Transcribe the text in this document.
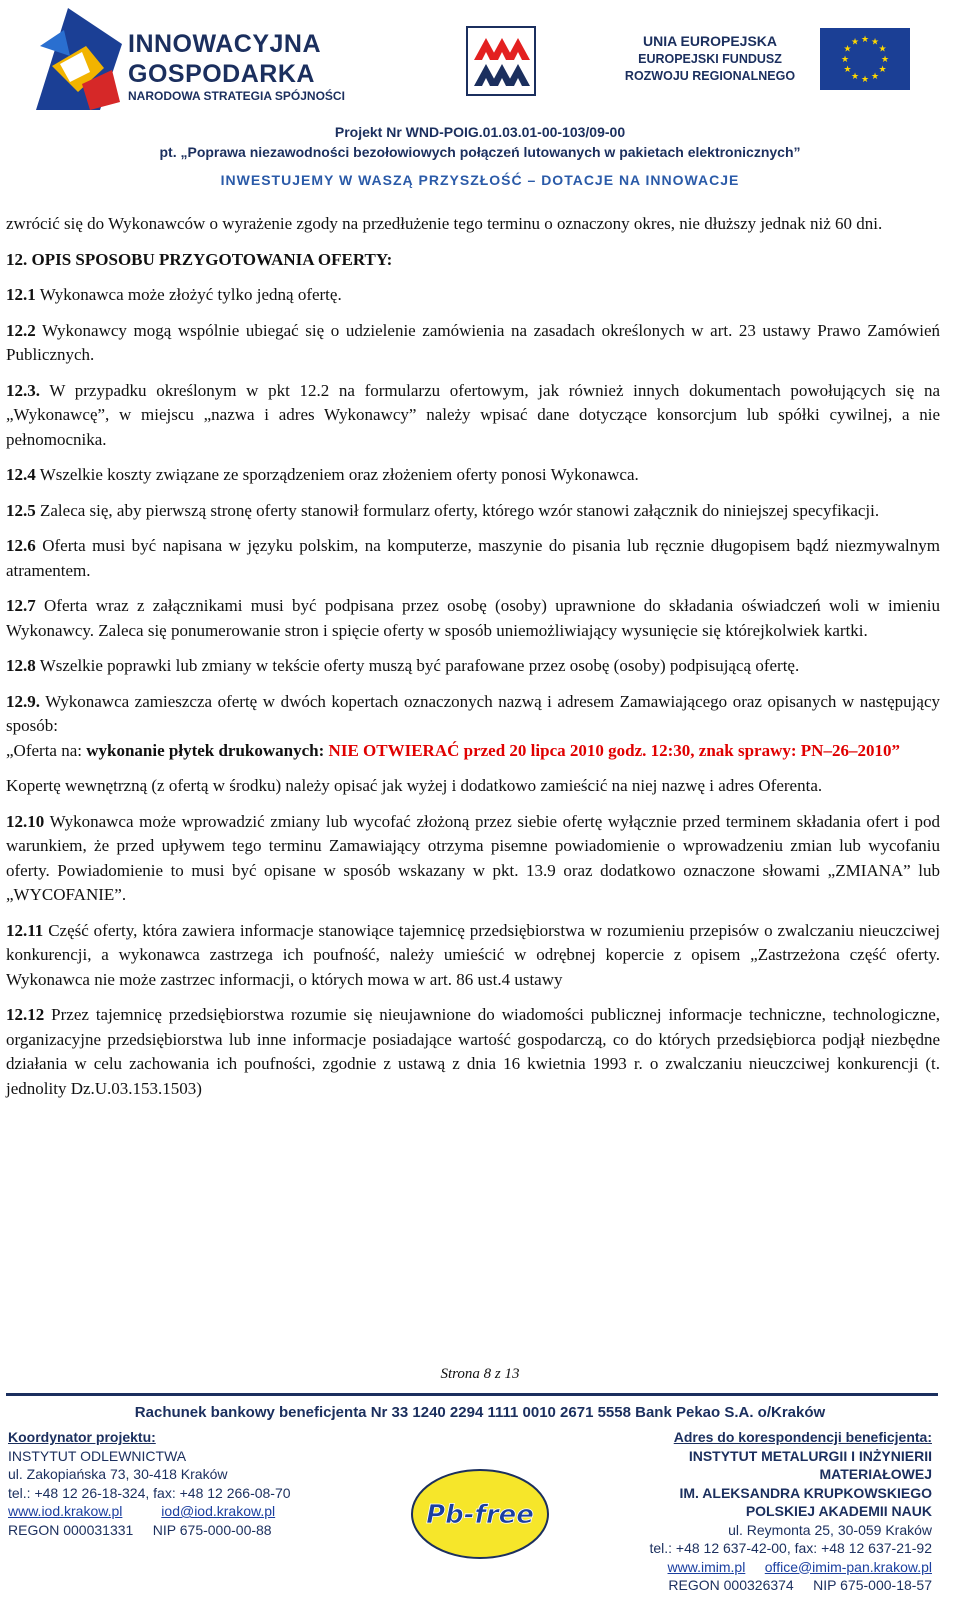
INNOWACYJNA
GOSPODARKA
NARODOWA STRATEGIA SPÓJNOŚCI
UNIA EUROPEJSKA
EUROPEJSKI FUNDUSZ
ROZWOJU REGIONALNEGO
★ ★
★
★
★
★
★
★
★
★
★
★
Projekt Nr WND-POIG.01.03.01-00-103/09-00
pt. „Poprawa niezawodności bezołowiowych połączeń lutowanych w pakietach elektronicznych”
INWESTUJEMY W WASZĄ PRZYSZŁOŚĆ – DOTACJE NA INNOWACJE

zwrócić się do Wykonawców o wyrażenie zgody na przedłużenie tego terminu o oznaczony okres, nie dłuższy jednak niż 60 dni.

12. OPIS SPOSOBU PRZYGOTOWANIA OFERTY:

12.1 Wykonawca może złożyć tylko jedną ofertę.

12.2 Wykonawcy mogą wspólnie ubiegać się o udzielenie zamówienia na zasadach określonych w art. 23 ustawy Prawo Zamówień Publicznych.

12.3. W przypadku określonym w pkt 12.2 na formularzu ofertowym, jak również innych dokumentach powołujących się na „Wykonawcę”, w miejscu „nazwa i adres Wykonawcy” należy wpisać dane dotyczące konsorcjum lub spółki cywilnej, a nie pełnomocnika.

12.4 Wszelkie koszty związane ze sporządzeniem oraz złożeniem oferty ponosi Wykonawca.

12.5 Zaleca się, aby pierwszą stronę oferty stanowił formularz oferty, którego wzór stanowi załącznik do niniejszej specyfikacji.

12.6 Oferta musi być napisana w języku polskim, na komputerze, maszynie do pisania lub ręcznie długopisem bądź niezmywalnym atramentem.

12.7 Oferta wraz z załącznikami musi być podpisana przez osobę (osoby) uprawnione do składania oświadczeń woli w imieniu Wykonawcy. Zaleca się ponumerowanie stron i spięcie oferty w sposób uniemożliwiający wysunięcie się którejkolwiek kartki.

12.8 Wszelkie poprawki lub zmiany w tekście oferty muszą być parafowane przez osobę (osoby) podpisującą ofertę.

12.9. Wykonawca zamieszcza ofertę w dwóch kopertach oznaczonych nazwą i adresem Zamawiającego oraz opisanych w następujący sposób:

„Oferta na: wykonanie płytek drukowanych: NIE OTWIERAĆ przed 20 lipca 2010 godz. 12:30, znak sprawy: PN–26–2010”

Kopertę wewnętrzną (z ofertą w środku) należy opisać jak wyżej i dodatkowo zamieścić na niej nazwę i adres Oferenta.

12.10 Wykonawca może wprowadzić zmiany lub wycofać złożoną przez siebie ofertę wyłącznie przed terminem składania ofert i pod warunkiem, że przed upływem tego terminu Zamawiający otrzyma pisemne powiadomienie o wprowadzeniu zmian lub wycofaniu oferty. Powiadomienie to musi być opisane w sposób wskazany w pkt. 13.9 oraz dodatkowo oznaczone słowami „ZMIANA” lub „WYCOFANIE”.

12.11 Część oferty, która zawiera informacje stanowiące tajemnicę przedsiębiorstwa w rozumieniu przepisów o zwalczaniu nieuczciwej konkurencji, a wykonawca zastrzega ich poufność, należy umieścić w odrębnej kopercie z opisem „Zastrzeżona część oferty. Wykonawca nie może zastrzec informacji, o których mowa w art. 86 ust.4 ustawy

12.12 Przez tajemnicę przedsiębiorstwa rozumie się nieujawnione do wiadomości publicznej informacje techniczne, technologiczne, organizacyjne przedsiębiorstwa lub inne informacje posiadające wartość gospodarczą, co do których przedsiębiorca podjął niezbędne działania w celu zachowania ich poufności, zgodnie z ustawą z dnia 16 kwietnia 1993 r. o zwalczaniu nieuczciwej konkurencji (t. jednolity Dz.U.03.153.1503)

Strona 8 z 13
Rachunek bankowy beneficjenta Nr 33 1240 2294 1111 0010 2671 5558 Bank Pekao S.A. o/Kraków
Koordynator projektu:
INSTYTUT ODLEWNICTWA
ul. Zakopiańska 73, 30-418 Kraków
tel.: +48 12 26-18-324, fax: +48 12 266-08-70
www.iod.krakow.pl	iod@iod.krakow.pl
REGON 000031331 NIP 675-000-00-88	Pb-free
Adres do korespondencji beneficjenta:
INSTYTUT METALURGII I INŻYNIERII MATERIAŁOWEJ
IM. ALEKSANDRA KRUPKOWSKIEGO
POLSKIEJ AKADEMII NAUK
ul. Reymonta 25, 30-059 Kraków
tel.: +48 12 637-42-00, fax: +48 12 637-21-92
www.imim.pl office@imim-pan.krakow.pl
REGON 000326374 NIP 675-000-18-57
